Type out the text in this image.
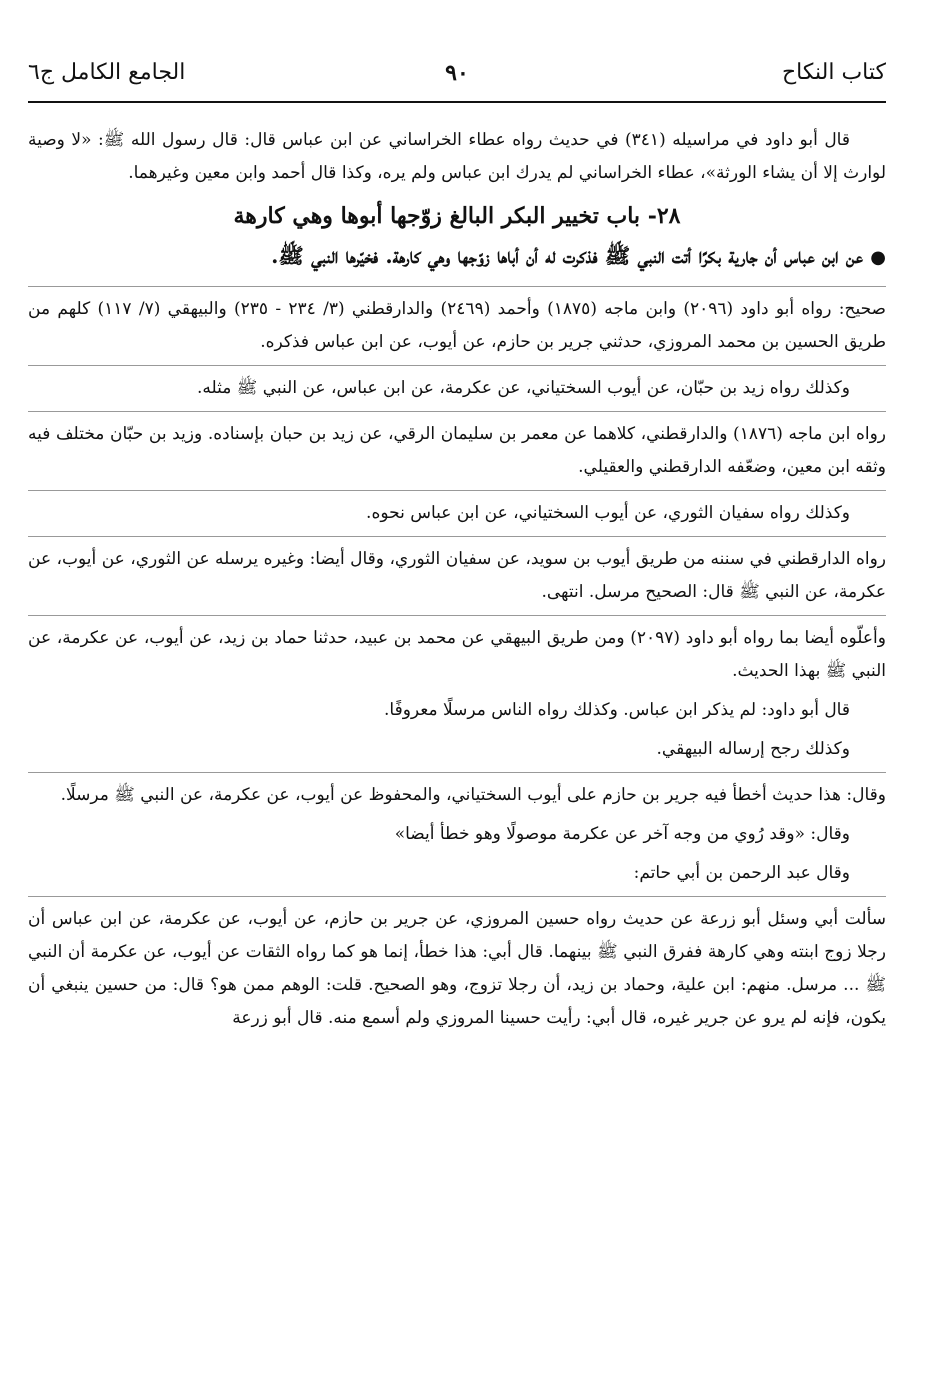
كتاب النكاح
٩٠
الجامع الكامل ج٦

قال أبو داود في مراسيله (٣٤١) في حديث رواه عطاء الخراساني عن ابن عباس قال: قال رسول الله ﷺ: «لا وصية لوارث إلا أن يشاء الورثة»، عطاء الخراساني لم يدرك ابن عباس ولم يره، وكذا قال أحمد وابن معين وغيرهما.

٢٨- باب تخيير البكر البالغ زوّجها أبوها وهي كارهة
● عن ابن عباس أن جارية بكرًا أتت النبي ﷺ فذكرت له أن أباها زوّجها وهي كارهة. فخيّرها النبي ﷺ.

صحيح: رواه أبو داود (٢٠٩٦) وابن ماجه (١٨٧٥) وأحمد (٢٤٦٩) والدارقطني (٣/ ٢٣٤ - ٢٣٥) والبيهقي (٧/ ١١٧) كلهم من طريق الحسين بن محمد المروزي، حدثني جرير بن حازم، عن أيوب، عن ابن عباس فذكره.

وكذلك رواه زيد بن حبّان، عن أيوب السختياني، عن عكرمة، عن ابن عباس، عن النبي ﷺ مثله.

رواه ابن ماجه (١٨٧٦) والدارقطني، كلاهما عن معمر بن سليمان الرقي، عن زيد بن حبان بإسناده. وزيد بن حبّان مختلف فيه وثقه ابن معين، وضعّفه الدارقطني والعقيلي.

وكذلك رواه سفيان الثوري، عن أيوب السختياني، عن ابن عباس نحوه.

رواه الدارقطني في سننه من طريق أيوب بن سويد، عن سفيان الثوري، وقال أيضا: وغيره يرسله عن الثوري، عن أيوب، عن عكرمة، عن النبي ﷺ قال: الصحيح مرسل. انتهى.

وأعلّوه أيضا بما رواه أبو داود (٢٠٩٧) ومن طريق البيهقي عن محمد بن عبيد، حدثنا حماد بن زيد، عن أيوب، عن عكرمة، عن النبي ﷺ بهذا الحديث.

قال أبو داود: لم يذكر ابن عباس. وكذلك رواه الناس مرسلًا معروفًا.

وكذلك رجح إرساله البيهقي.

وقال: هذا حديث أخطأ فيه جرير بن حازم على أيوب السختياني، والمحفوظ عن أيوب، عن عكرمة، عن النبي ﷺ مرسلًا.

وقال: «وقد رُوي من وجه آخر عن عكرمة موصولًا وهو خطأ أيضا»

وقال عبد الرحمن بن أبي حاتم:

سألت أبي وسئل أبو زرعة عن حديث رواه حسين المروزي، عن جرير بن حازم، عن أيوب، عن عكرمة، عن ابن عباس أن رجلا زوج ابنته وهي كارهة ففرق النبي ﷺ بينهما. قال أبي: هذا خطأ، إنما هو كما رواه الثقات عن أيوب، عن عكرمة أن النبي ﷺ ... مرسل. منهم: ابن علية، وحماد بن زيد، أن رجلا تزوج، وهو الصحيح. قلت: الوهم ممن هو؟ قال: من حسين ينبغي أن يكون، فإنه لم يرو عن جرير غيره، قال أبي: رأيت حسينا المروزي ولم أسمع منه. قال أبو زرعة
